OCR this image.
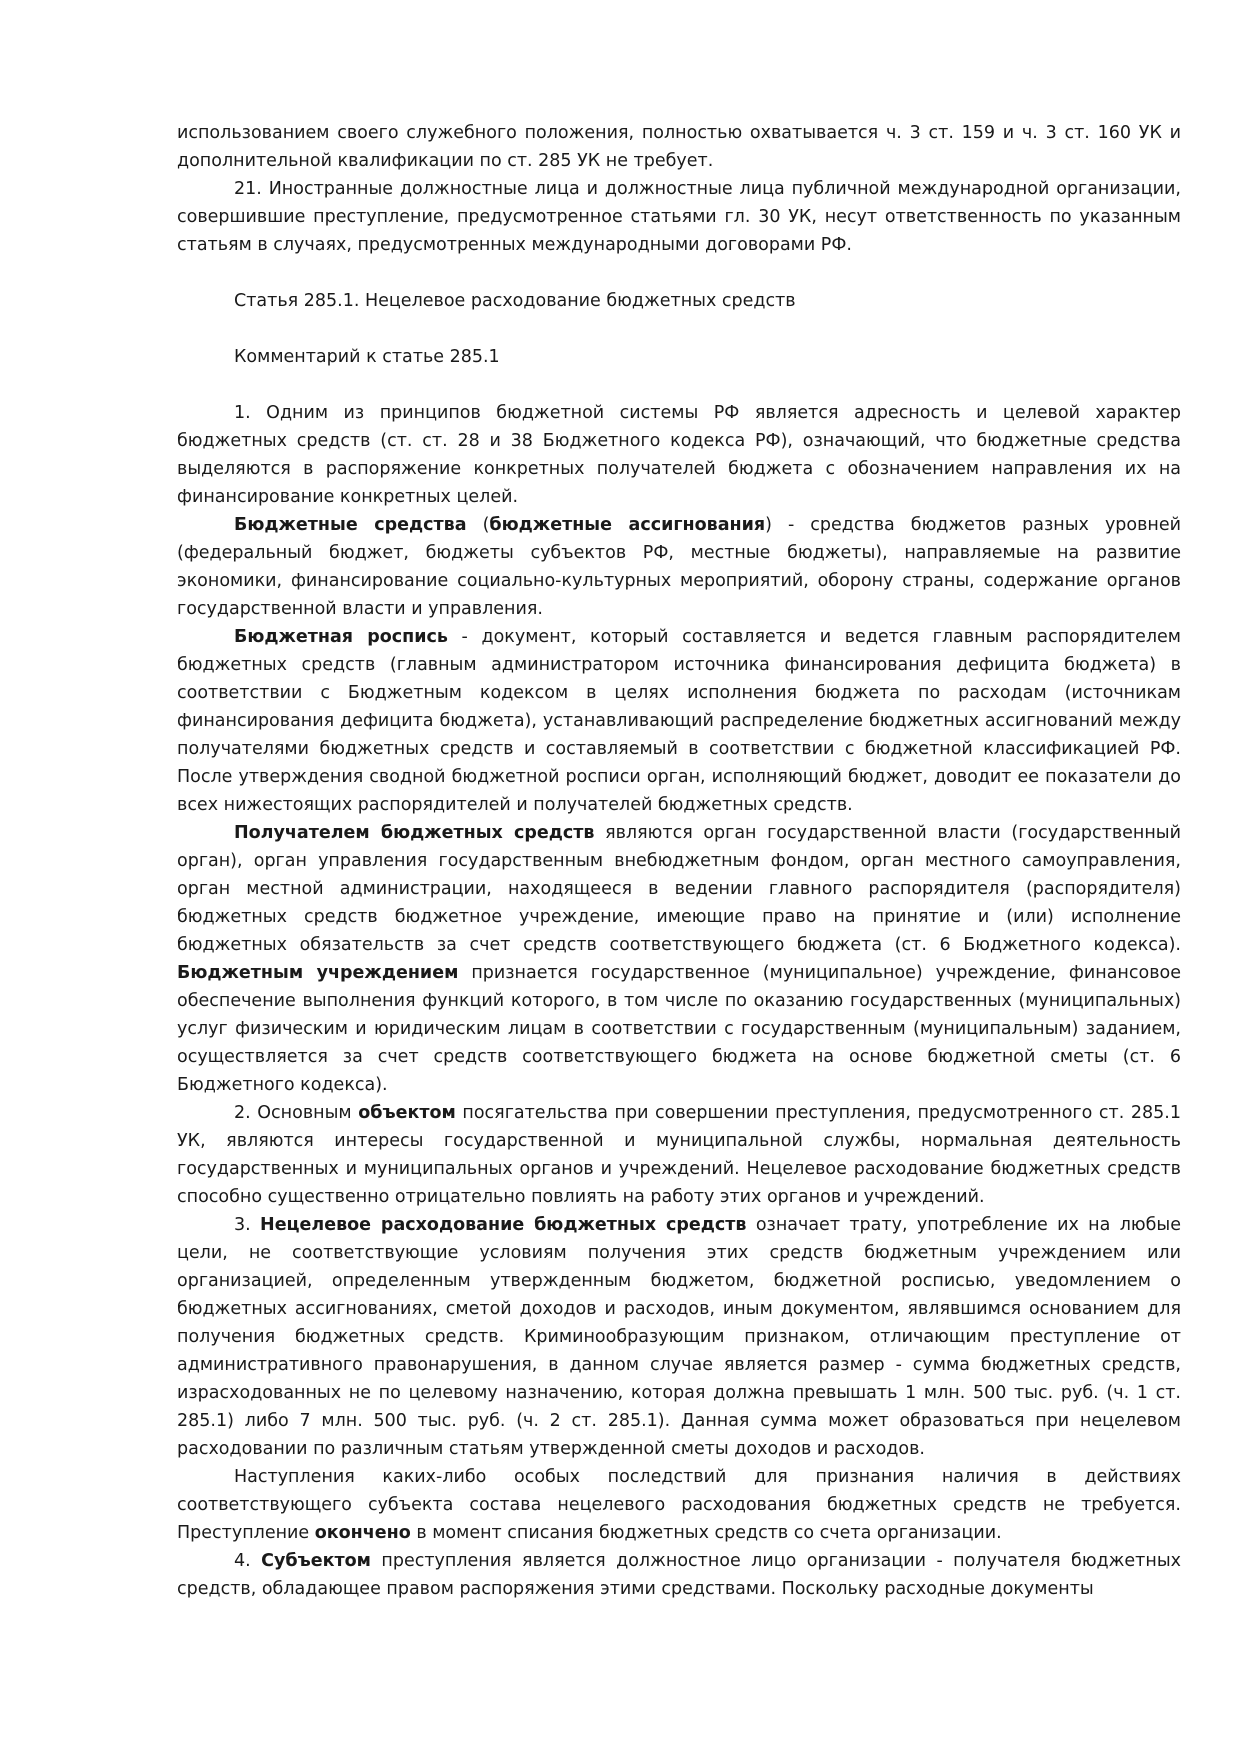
использованием своего служебного положения, полностью охватывается ч. 3 ст. 159 и ч. 3 ст. 160 УК и дополнительной квалификации по ст. 285 УК не требует.

21. Иностранные должностные лица и должностные лица публичной международной организации, совершившие преступление, предусмотренное статьями гл. 30 УК, несут ответственность по указанным статьям в случаях, предусмотренных международными договорами РФ.

Статья 285.1. Нецелевое расходование бюджетных средств

Комментарий к статье 285.1

1. Одним из принципов бюджетной системы РФ является адресность и целевой характер бюджетных средств (ст. ст. 28 и 38 Бюджетного кодекса РФ), означающий, что бюджетные средства выделяются в распоряжение конкретных получателей бюджета с обозначением направления их на финансирование конкретных целей.

Бюджетные средства (бюджетные ассигнования) - средства бюджетов разных уровней (федеральный бюджет, бюджеты субъектов РФ, местные бюджеты), направляемые на развитие экономики, финансирование социально-культурных мероприятий, оборону страны, содержание органов государственной власти и управления.

Бюджетная роспись - документ, который составляется и ведется главным распорядителем бюджетных средств (главным администратором источника финансирования дефицита бюджета) в соответствии с Бюджетным кодексом в целях исполнения бюджета по расходам (источникам финансирования дефицита бюджета), устанавливающий распределение бюджетных ассигнований между получателями бюджетных средств и составляемый в соответствии с бюджетной классификацией РФ. После утверждения сводной бюджетной росписи орган, исполняющий бюджет, доводит ее показатели до всех нижестоящих распорядителей и получателей бюджетных средств.

Получателем бюджетных средств являются орган государственной власти (государственный орган), орган управления государственным внебюджетным фондом, орган местного самоуправления, орган местной администрации, находящееся в ведении главного распорядителя (распорядителя) бюджетных средств бюджетное учреждение, имеющие право на принятие и (или) исполнение бюджетных обязательств за счет средств соответствующего бюджета (ст. 6 Бюджетного кодекса). Бюджетным учреждением признается государственное (муниципальное) учреждение, финансовое обеспечение выполнения функций которого, в том числе по оказанию государственных (муниципальных) услуг физическим и юридическим лицам в соответствии с государственным (муниципальным) заданием, осуществляется за счет средств соответствующего бюджета на основе бюджетной сметы (ст. 6 Бюджетного кодекса).

2. Основным объектом посягательства при совершении преступления, предусмотренного ст. 285.1 УК, являются интересы государственной и муниципальной службы, нормальная деятельность государственных и муниципальных органов и учреждений. Нецелевое расходование бюджетных средств способно существенно отрицательно повлиять на работу этих органов и учреждений.

3. Нецелевое расходование бюджетных средств означает трату, употребление их на любые цели, не соответствующие условиям получения этих средств бюджетным учреждением или организацией, определенным утвержденным бюджетом, бюджетной росписью, уведомлением о бюджетных ассигнованиях, сметой доходов и расходов, иным документом, являвшимся основанием для получения бюджетных средств. Криминообразующим признаком, отличающим преступление от административного правонарушения, в данном случае является размер - сумма бюджетных средств, израсходованных не по целевому назначению, которая должна превышать 1 млн. 500 тыс. руб. (ч. 1 ст. 285.1) либо 7 млн. 500 тыс. руб. (ч. 2 ст. 285.1). Данная сумма может образоваться при нецелевом расходовании по различным статьям утвержденной сметы доходов и расходов.

Наступления каких-либо особых последствий для признания наличия в действиях соответствующего субъекта состава нецелевого расходования бюджетных средств не требуется. Преступление окончено в момент списания бюджетных средств со счета организации.

4. Субъектом преступления является должностное лицо организации - получателя бюджетных средств, обладающее правом распоряжения этими средствами. Поскольку расходные документы
